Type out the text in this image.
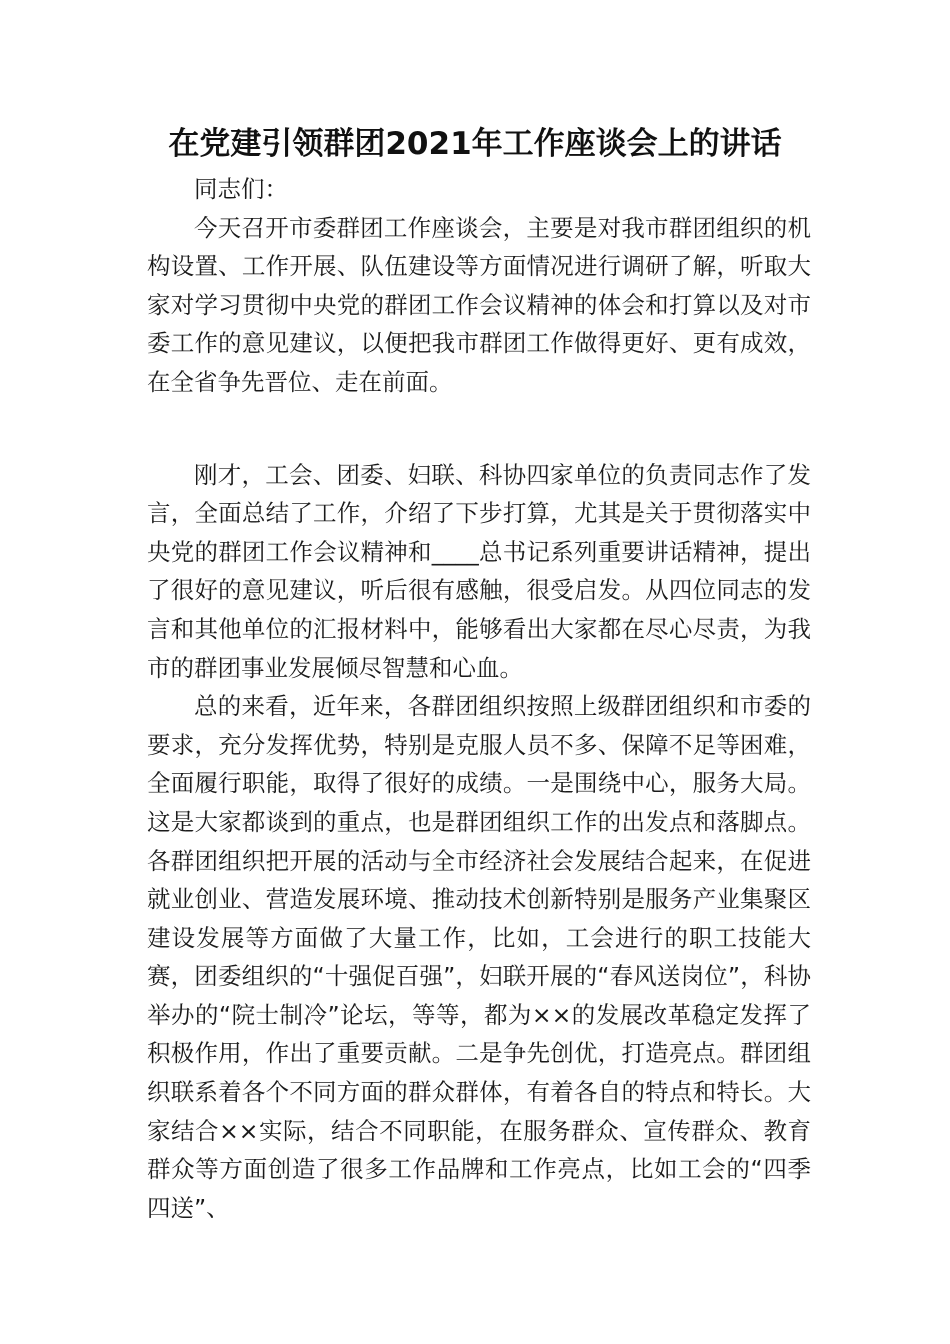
在党建引领群团2021年工作座谈会上的讲话

同志们：

今天召开市委群团工作座谈会，主要是对我市群团组织的机构设置、工作开展、队伍建设等方面情况进行调研了解，听取大家对学习贯彻中央党的群团工作会议精神的体会和打算以及对市委工作的意见建议，以便把我市群团工作做得更好、更有成效，在全省争先晋位、走在前面。

刚才，工会、团委、妇联、科协四家单位的负责同志作了发言，全面总结了工作，介绍了下步打算，尤其是关于贯彻落实中央党的群团工作会议精神和____总书记系列重要讲话精神，提出了很好的意见建议，听后很有感触，很受启发。从四位同志的发言和其他单位的汇报材料中，能够看出大家都在尽心尽责，为我市的群团事业发展倾尽智慧和心血。

总的来看，近年来，各群团组织按照上级群团组织和市委的要求，充分发挥优势，特别是克服人员不多、保障不足等困难，全面履行职能，取得了很好的成绩。一是围绕中心，服务大局。这是大家都谈到的重点，也是群团组织工作的出发点和落脚点。各群团组织把开展的活动与全市经济社会发展结合起来，在促进就业创业、营造发展环境、推动技术创新特别是服务产业集聚区建设发展等方面做了大量工作，比如，工会进行的职工技能大赛，团委组织的“十强促百强”，妇联开展的“春风送岗位”，科协举办的“院士制冷”论坛，等等，都为××的发展改革稳定发挥了积极作用，作出了重要贡献。二是争先创优，打造亮点。群团组织联系着各个不同方面的群众群体，有着各自的特点和特长。大家结合××实际，结合不同职能，在服务群众、宣传群众、教育群众等方面创造了很多工作品牌和工作亮点，比如工会的“四季四送”、
